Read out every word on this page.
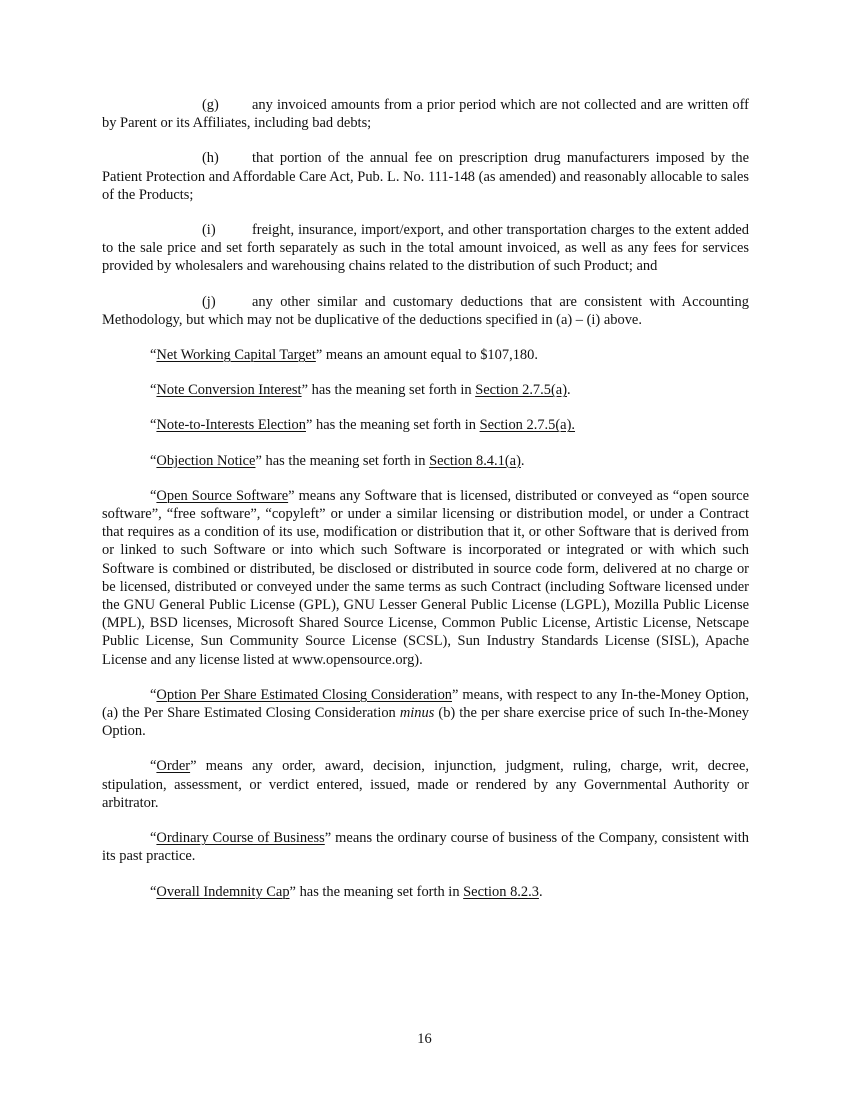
(g) any invoiced amounts from a prior period which are not collected and are written off by Parent or its Affiliates, including bad debts;

(h) that portion of the annual fee on prescription drug manufacturers imposed by the Patient Protection and Affordable Care Act, Pub. L. No. 111-148 (as amended) and reasonably allocable to sales of the Products;

(i)	freight, insurance, import/export, and other transportation charges to the extent added to the sale price and set forth separately as such in the total amount invoiced, as well as any fees for services provided by wholesalers and warehousing chains related to the distribution of such Product; and

(j)	any other similar and customary deductions that are consistent with Accounting Methodology, but which may not be duplicative of the deductions specified in (a) – (i) above.

“Net Working Capital Target” means an amount equal to $107,180.

“Note Conversion Interest” has the meaning set forth in Section 2.7.5(a).

“Note-to-Interests Election” has the meaning set forth in Section 2.7.5(a).

“Objection Notice” has the meaning set forth in Section 8.4.1(a).

“Open Source Software” means any Software that is licensed, distributed or conveyed as “open source software”, “free software”, “copyleft” or under a similar licensing or distribution model, or under a Contract that requires as a condition of its use, modification or distribution that it, or other Software that is derived from or linked to such Software or into which such Software is incorporated or integrated or with which such Software is combined or distributed, be disclosed or distributed in source code form, delivered at no charge or be licensed, distributed or conveyed under the same terms as such Contract (including Software licensed under the GNU General Public License (GPL), GNU Lesser General Public License (LGPL), Mozilla Public License (MPL), BSD licenses, Microsoft Shared Source License, Common Public License, Artistic License, Netscape Public License, Sun Community Source License (SCSL), Sun Industry Standards License (SISL), Apache License and any license listed at www.opensource.org).

“Option Per Share Estimated Closing Consideration” means, with respect to any In-the-Money Option, (a) the Per Share Estimated Closing Consideration minus (b) the per share exercise price of such In-the-Money Option.

“Order” means any order, award, decision, injunction, judgment, ruling, charge, writ, decree, stipulation, assessment, or verdict entered, issued, made or rendered by any Governmental Authority or arbitrator.

“Ordinary Course of Business” means the ordinary course of business of the Company, consistent with its past practice.

“Overall Indemnity Cap” has the meaning set forth in Section 8.2.3.

16
